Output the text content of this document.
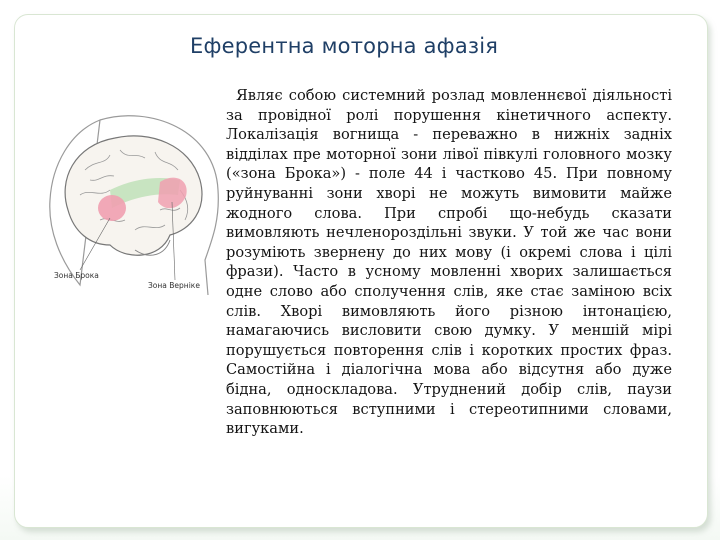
Еферентна моторна афазія
Зона Брока
Зона Верніке

Являє собою системний розлад мовленнєвої діяльності за провідної ролі порушення кінетичного аспекту. Локалізація вогнища - переважно в нижніх задніх відділах пре моторної зони лівої півкулі головного мозку («зона Брока») - поле 44 і частково 45. При повному руйнуванні зони хворі не можуть вимовити майже жодного слова. При спробі що-небудь сказати вимовляють нечленороздільні звуки. У той же час вони розуміють звернену до них мову (і окремі слова і цілі фрази). Часто в усному мовленні хворих залишається одне слово або сполучення слів, яке стає заміною всіх слів. Хворі вимовляють його різною інтонацією, намагаючись висловити свою думку. У меншій мірі порушується повторення слів і коротких простих фраз. Самостійна і діалогічна мова або відсутня або дуже бідна, односкладова. Утруднений добір слів, паузи заповнюються вступними і стереотипними словами, вигуками.
